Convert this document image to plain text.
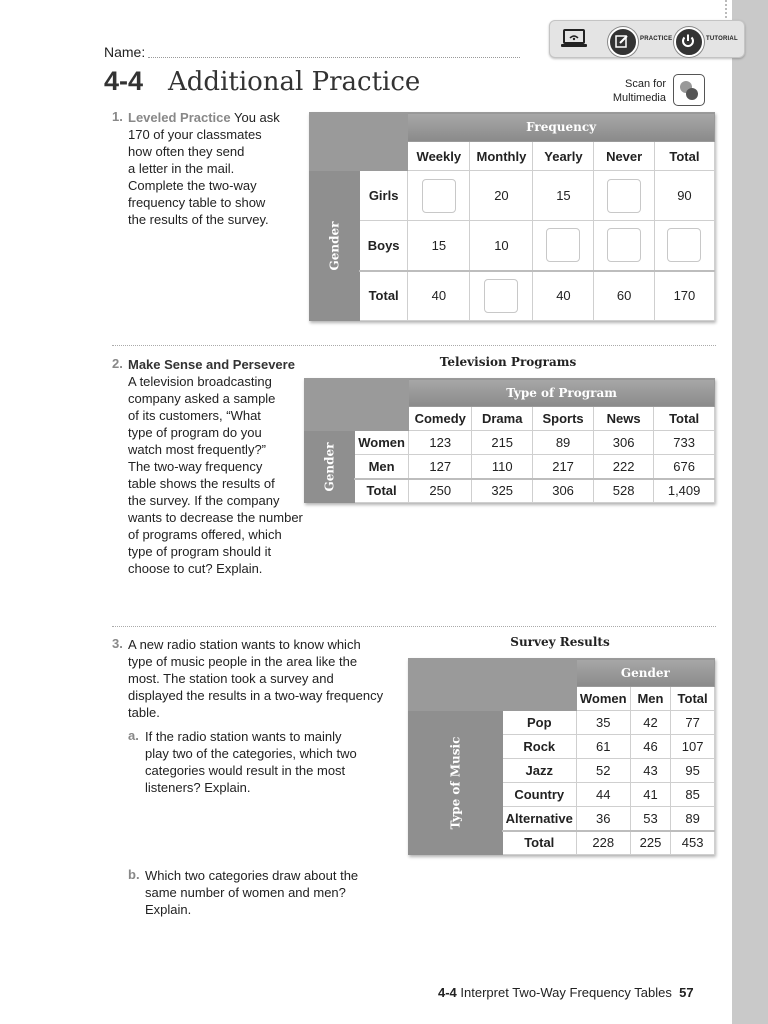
PRACTICE	TUTORIAL
Name:
4-4 Additional Practice	Scan for
Multimedia
1. Leveled Practice You ask
170 of your classmates
how often they send
a letter in the mail.
Complete the two-way
frequency table to show
the results of the survey.
		Frequency				
		Weekly	Monthly	Yearly	Never	Total

Gender	Girls		20	15		90
	Boys	15	10			
	Total	40		40	60	170
2. Make Sense and Persevere
A television broadcasting
company asked a sample
of its customers, “What
type of program do you
watch most frequently?”
The two-way frequency
table shows the results of
the survey. If the company
wants to decrease the number
of programs offered, which
type of program should it
choose to cut? Explain.
Television Programs
		Type of Program				
		Comedy	Drama	Sports	News	Total

Gender	Women	123	215	89	306	733
	Men	127	110	217	222	676
	Total	250	325	306	528	1,409
3. A new radio station wants to know which
type of music people in the area like the
most. The station took a survey and
displayed the results in a two-way frequency
table.
a. If the radio station wants to mainly
play two of the categories, which two
categories would result in the most
listeners? Explain.
b. Which two categories draw about the
same number of women and men?
Explain.
Survey Results
		Gender		
		Women	Men	Total

Type of Music	Pop	35	42	77
	Rock	61	46	107
	Jazz	52	43	95
	Country	44	41	85
	Alternative	36	53	89
	Total	228	225	453
4-4 Interpret Two-Way Frequency Tables 57
